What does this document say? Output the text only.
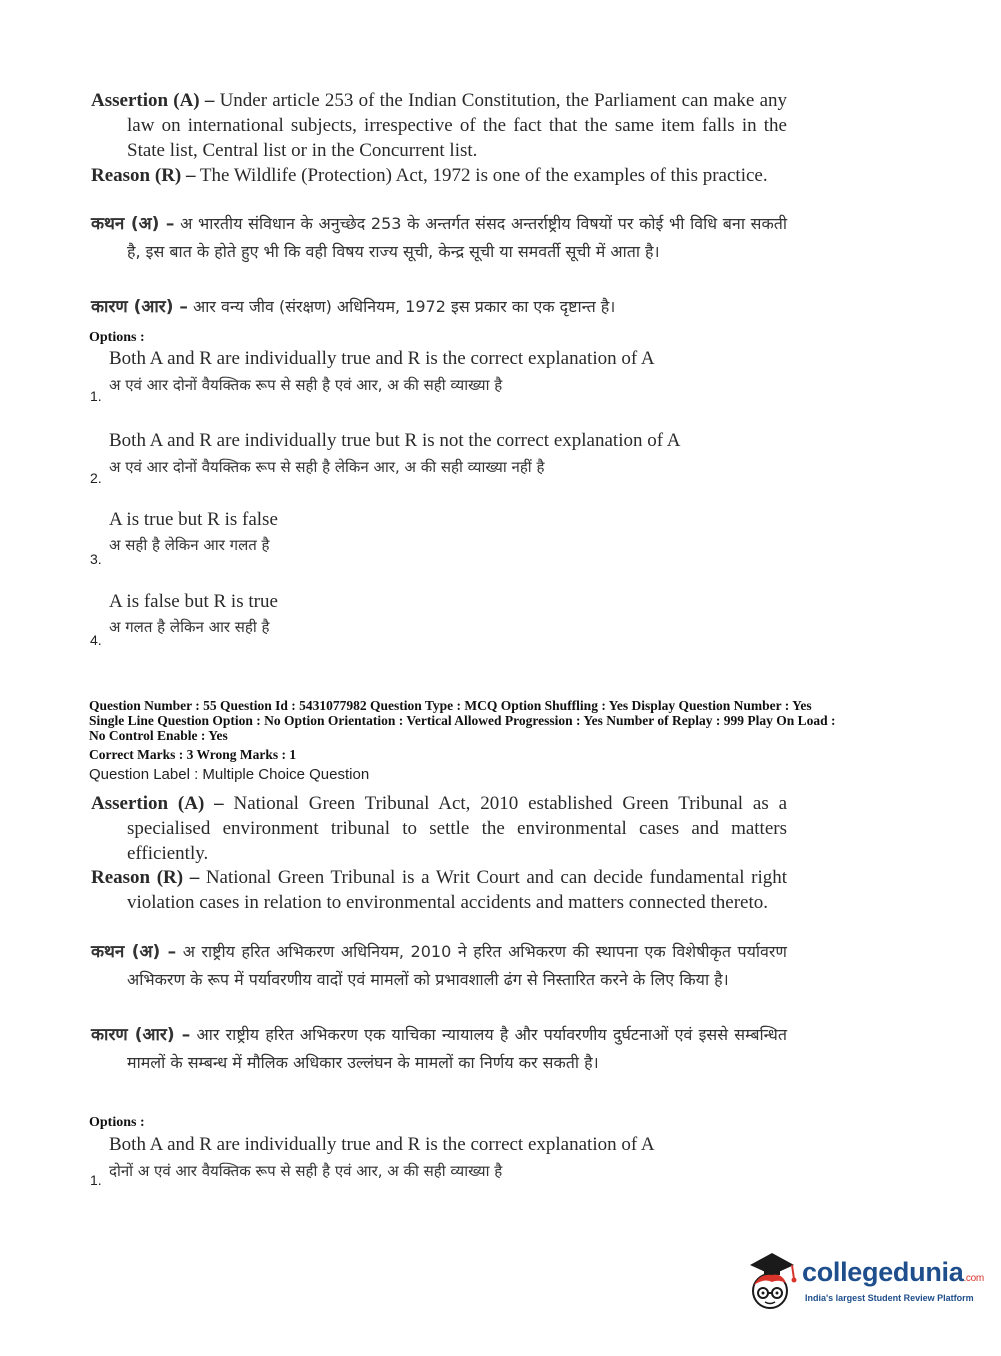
Assertion (A) – Under article 253 of the Indian Constitution, the Parliament can make any law on international subjects, irrespective of the fact that the same item falls in the State list, Central list or in the Concurrent list.
Reason (R) – The Wildlife (Protection) Act, 1972 is one of the examples of this practice.
कथन (अ) – अ भारतीय संविधान के अनुच्छेद 253 के अन्तर्गत संसद अन्तर्राष्ट्रीय विषयों पर कोई भी विधि बना सकती है, इस बात के होते हुए भी कि वही विषय राज्य सूची, केन्द्र सूची या समवर्ती सूची में आता है।
कारण (आर) – आर वन्य जीव (संरक्षण) अधिनियम, 1972 इस प्रकार का एक दृष्टान्त है।
Options :
Both A and R are individually true and R is the correct explanation of A
अ एवं आर दोनों वैयक्तिक रूप से सही है एवं आर, अ की सही व्याख्या है
1.
Both A and R are individually true but R is not the correct explanation of A
अ एवं आर दोनों वैयक्तिक रूप से सही है लेकिन आर, अ की सही व्याख्या नहीं है
2.
A is true but R is false
अ सही है लेकिन आर गलत है
3.
A is false but R is true
अ गलत है लेकिन आर सही है
4.
Question Number : 55 Question Id : 5431077982 Question Type : MCQ Option Shuffling : Yes Display Question Number : Yes
Single Line Question Option : No Option Orientation : Vertical Allowed Progression : Yes Number of Replay : 999 Play On Load :
No Control Enable : Yes
Correct Marks : 3 Wrong Marks : 1
Question Label : Multiple Choice Question
Assertion (A) – National Green Tribunal Act, 2010 established Green Tribunal as a specialised environment tribunal to settle the environmental cases and matters efficiently.
Reason (R) – National Green Tribunal is a Writ Court and can decide fundamental right violation cases in relation to environmental accidents and matters connected thereto.
कथन (अ) – अ राष्ट्रीय हरित अभिकरण अधिनियम, 2010 ने हरित अभिकरण की स्थापना एक विशेषीकृत पर्यावरण अभिकरण के रूप में पर्यावरणीय वादों एवं मामलों को प्रभावशाली ढंग से निस्तारित करने के लिए किया है।
कारण (आर) – आर राष्ट्रीय हरित अभिकरण एक याचिका न्यायालय है और पर्यावरणीय दुर्घटनाओं एवं इससे सम्बन्धित मामलों के सम्बन्ध में मौलिक अधिकार उल्लंघन के मामलों का निर्णय कर सकती है।
Options :
Both A and R are individually true and R is the correct explanation of A
दोनों अ एवं आर वैयक्तिक रूप से सही है एवं आर, अ की सही व्याख्या है
1.
collegedunia.com
India's largest Student Review Platform
